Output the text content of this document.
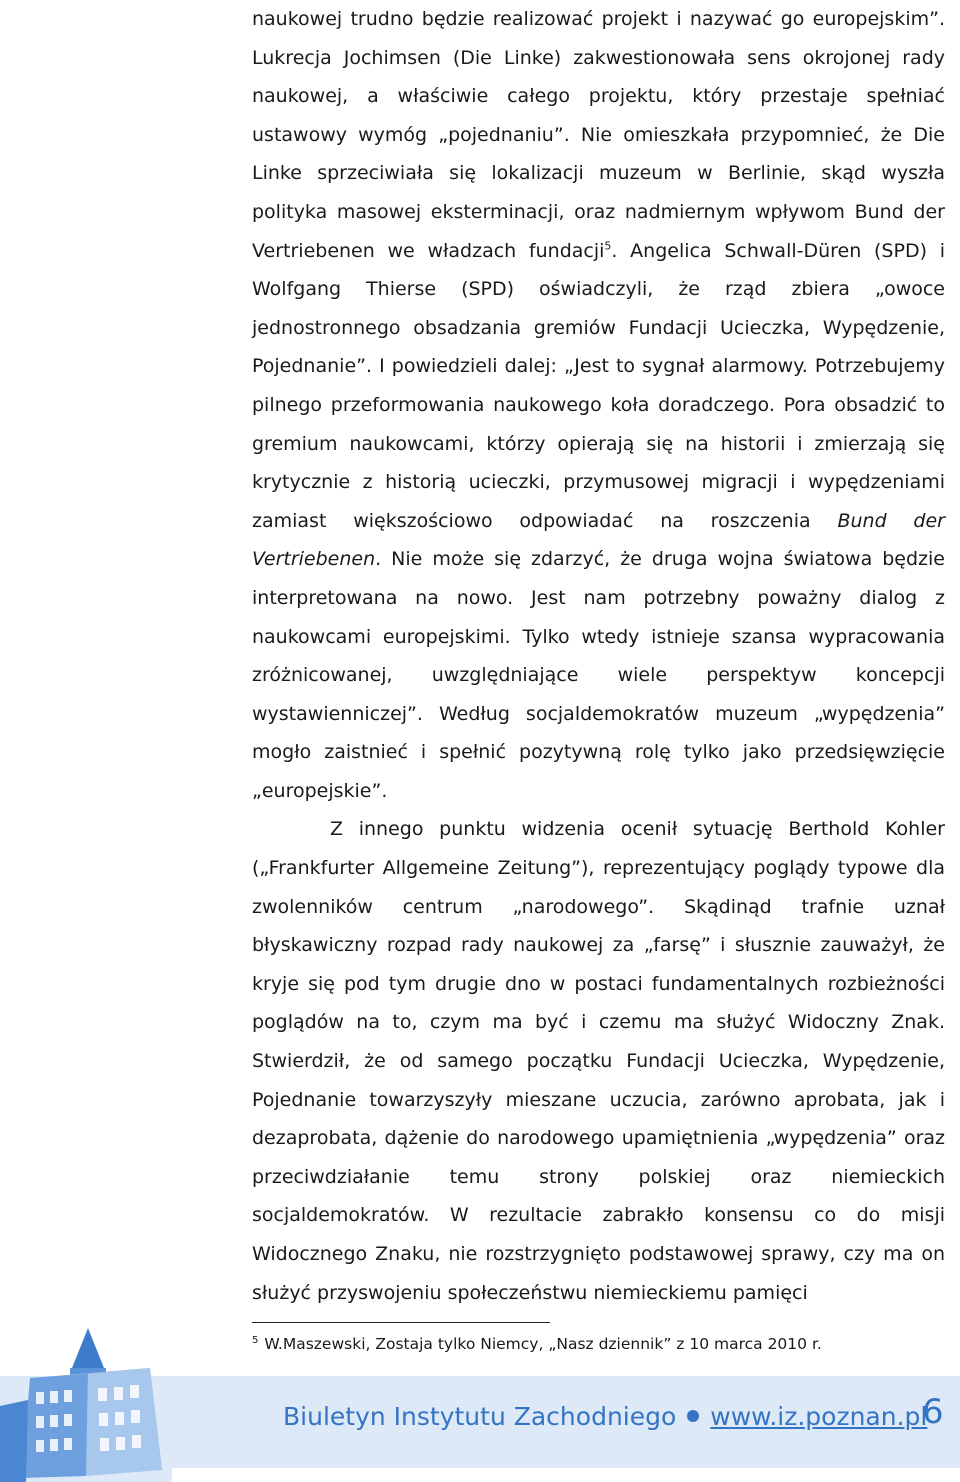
naukowej trudno będzie realizować projekt i nazywać go europejskim”. Lukrecja Jochimsen (Die Linke) zakwestionowała sens okrojonej rady naukowej, a właściwie całego projektu, który przestaje spełniać ustawowy wymóg „pojednaniu”. Nie omieszkała przypomnieć, że Die Linke sprzeciwiała się lokalizacji muzeum w Berlinie, skąd wyszła polityka masowej eksterminacji, oraz nadmiernym wpływom Bund der Vertriebenen we władzach fundacji$^5$. Angelica Schwall-Düren (SPD) i Wolfgang Thierse (SPD) oświadczyli, że rząd zbiera „owoce jednostronnego obsadzania gremiów Fundacji Ucieczka, Wypędzenie, Pojednanie”. I powiedzieli dalej: „Jest to sygnał alarmowy. Potrzebujemy pilnego przeformowania naukowego koła doradczego. Pora obsadzić to gremium naukowcami, którzy opierają się na historii i zmierzają się krytycznie z historią ucieczki, przymusowej migracji i wypędzeniami zamiast większościowo odpowiadać na roszczenia Bund der Vertriebenen. Nie może się zdarzyć, że druga wojna światowa będzie interpretowana na nowo. Jest nam potrzebny poważny dialog z naukowcami europejskimi. Tylko wtedy istnieje szansa wypracowania zróżnicowanej, uwzględniające wiele perspektyw koncepcji wystawienniczej”. Według socjaldemokratów muzeum „wypędzenia” mogło zaistnieć i spełnić pozytywną rolę tylko jako przedsięwzięcie „europejskie”.

Z innego punktu widzenia ocenił sytuację Berthold Kohler („Frankfurter Allgemeine Zeitung”), reprezentujący poglądy typowe dla zwolenników centrum „narodowego”. Skądinąd trafnie uznał błyskawiczny rozpad rady naukowej za „farsę” i słusznie zauważył, że kryje się pod tym drugie dno w postaci fundamentalnych rozbieżności poglądów na to, czym ma być i czemu ma służyć Widoczny Znak. Stwierdził, że od samego początku Fundacji Ucieczka, Wypędzenie, Pojednanie towarzyszyły mieszane uczucia, zarówno aprobata, jak i dezaprobata, dążenie do narodowego upamiętnienia „wypędzenia” oraz przeciwdziałanie temu strony polskiej oraz niemieckich socjaldemokratów. W rezultacie zabrakło konsensu co do misji Widocznego Znaku, nie rozstrzygnięto podstawowej sprawy, czy ma on służyć przyswojeniu społeczeństwu niemieckiemu pamięci

$^5$ W.Maszewski, Zostaja tylko Niemcy, „Nasz dziennik” z 10 marca 2010 r.
Biuletyn Instytutu Zachodniego www.iz.poznan.pl
6
